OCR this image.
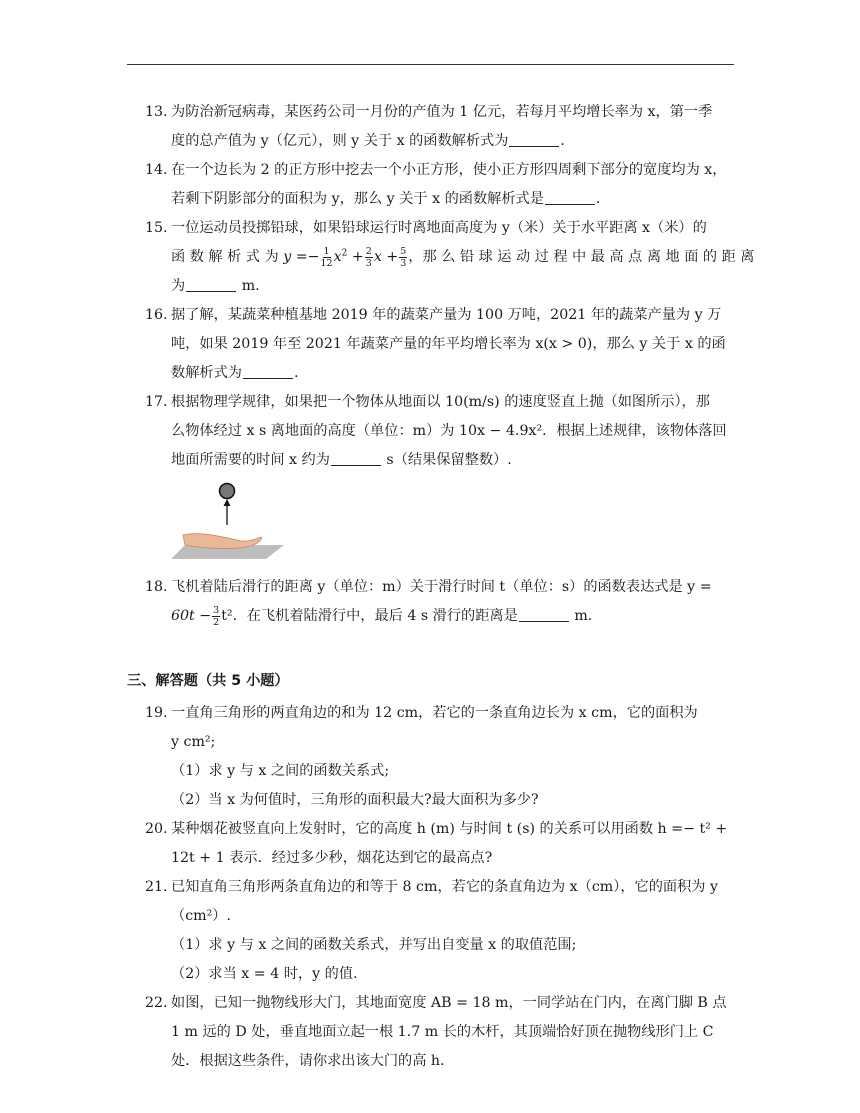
13. 为防治新冠病毒，某医药公司一月份的产值为 1 亿元，若每月平均增长率为 x，第一季
度的总产值为 y（亿元），则 y 关于 x 的函数解析式为	.
14. 在一个边长为 2 的正方形中挖去一个小正方形，使小正方形四周剩下部分的宽度均为 x，
若剩下阴影部分的面积为 y，那么 y 关于 x 的函数解析式是	.
15. 一位运动员投掷铅球，如果铅球运行时离地面高度为 y（米）关于水平距离 x（米）的
函 数 解 析 式 为 $y =- \frac{1}{12} x^2 + \frac{2}{3}$ $x + \frac{5}{3}$ ，那 么 铅 球 运 动 过 程 中 最 高 点 离 地 面 的 距 离
为	m.
16. 据了解，某蔬菜种植基地 2019 年的蔬菜产量为 100 万吨，2021 年的蔬菜产量为 y 万
吨，如果 2019 年至 2021 年蔬菜产量的年平均增长率为 x(x > 0)，那么 y 关于 x 的函
数解析式为	.
17. 根据物理学规律，如果把一个物体从地面以 10(m/s) 的速度竖直上抛（如图所示），那
么物体经过 x s 离地面的高度（单位：m）为 10x − 4.9x²．根据上述规律，该物体落回
地面所需要的时间 x 约为	s（结果保留整数）.
18. 飞机着陆后滑行的距离 y（单位：m）关于滑行时间 t（单位：s）的函数表达式是 y =
$60t - \frac{3}{2} t^2$．在飞机着陆滑行中，最后 4 s 滑行的距离是	m.
三、解答题（共 5 小题）
19. 一直角三角形的两直角边的和为 12 cm，若它的一条直角边长为 x cm，它的面积为
y cm²;
（1）求 y 与 x 之间的函数关系式;
（2）当 x 为何值时，三角形的面积最大?最大面积为多少?
20. 某种烟花被竖直向上发射时，它的高度 h (m) 与时间 t (s) 的关系可以用函数 h =− t² +
12t + 1 表示．经过多少秒，烟花达到它的最高点?
21. 已知直角三角形两条直角边的和等于 8 cm，若它的条直角边为 x（cm），它的面积为 y
（cm²）.
（1）求 y 与 x 之间的函数关系式，并写出自变量 x 的取值范围;
（2）求当 x = 4 时，y 的值.
22. 如图，已知一抛物线形大门，其地面宽度 AB = 18 m，一同学站在门内，在离门脚 B 点
1 m 远的 D 处，垂直地面立起一根 1.7 m 长的木杆，其顶端恰好顶在抛物线形门上 C
处．根据这些条件，请你求出该大门的高 h.
